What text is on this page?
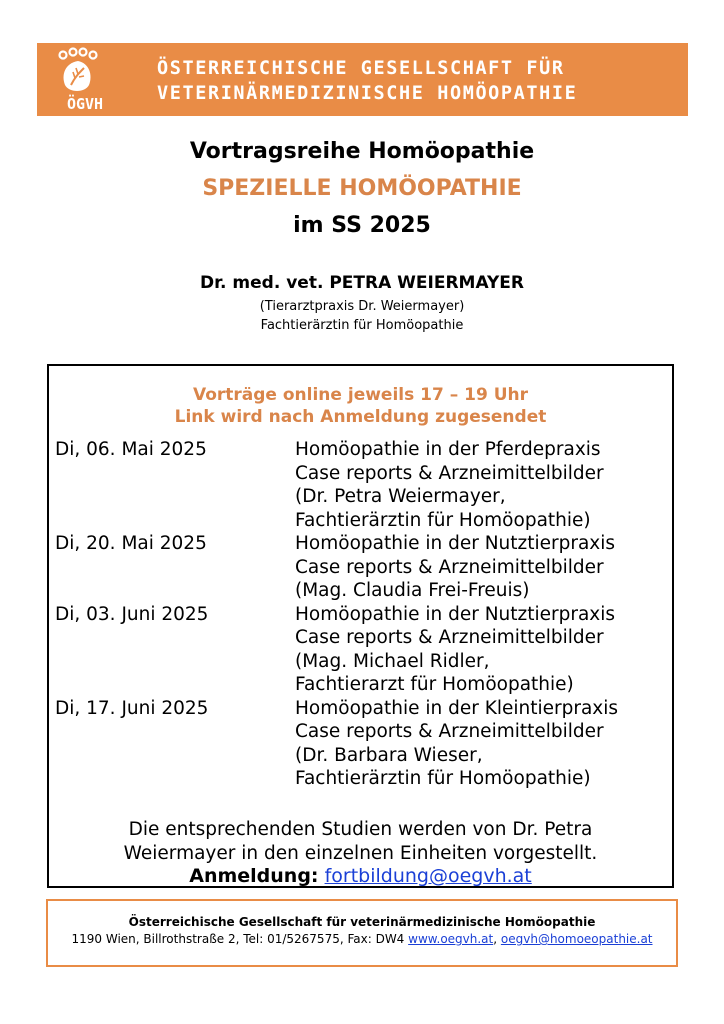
ÖGVH
ÖSTERREICHISCHE GESELLSCHAFT FÜR
VETERINÄRMEDIZINISCHE HOMÖOPATHIE
Vortragsreihe Homöopathie
SPEZIELLE HOMÖOPATHIE
im SS 2025
Dr. med. vet. PETRA WEIERMAYER
(Tierarztpraxis Dr. Weiermayer)
Fachtierärztin für Homöopathie
Vorträge online jeweils 17 – 19 Uhr
Link wird nach Anmeldung zugesendet
Di, 06. Mai 2025	Homöopathie in der Pferdepraxis
Case reports & Arzneimittelbilder
(Dr. Petra Weiermayer,
Fachtierärztin für Homöopathie)
Di, 20. Mai 2025	Homöopathie in der Nutztierpraxis
Case reports & Arzneimittelbilder
(Mag. Claudia Frei-Freuis)
Di, 03. Juni 2025	Homöopathie in der Nutztierpraxis
Case reports & Arzneimittelbilder
(Mag. Michael Ridler,
Fachtierarzt für Homöopathie)
Di, 17. Juni 2025	Homöopathie in der Kleintierpraxis
Case reports & Arzneimittelbilder
(Dr. Barbara Wieser,
Fachtierärztin für Homöopathie)
Die entsprechenden Studien werden von Dr. Petra
Weiermayer in den einzelnen Einheiten vorgestellt.
Anmeldung: fortbildung@oegvh.at
Österreichische Gesellschaft für veterinärmedizinische Homöopathie
1190 Wien, Billrothstraße 2, Tel: 01/5267575, Fax: DW4 www.oegvh.at, oegvh@homoeopathie.at
